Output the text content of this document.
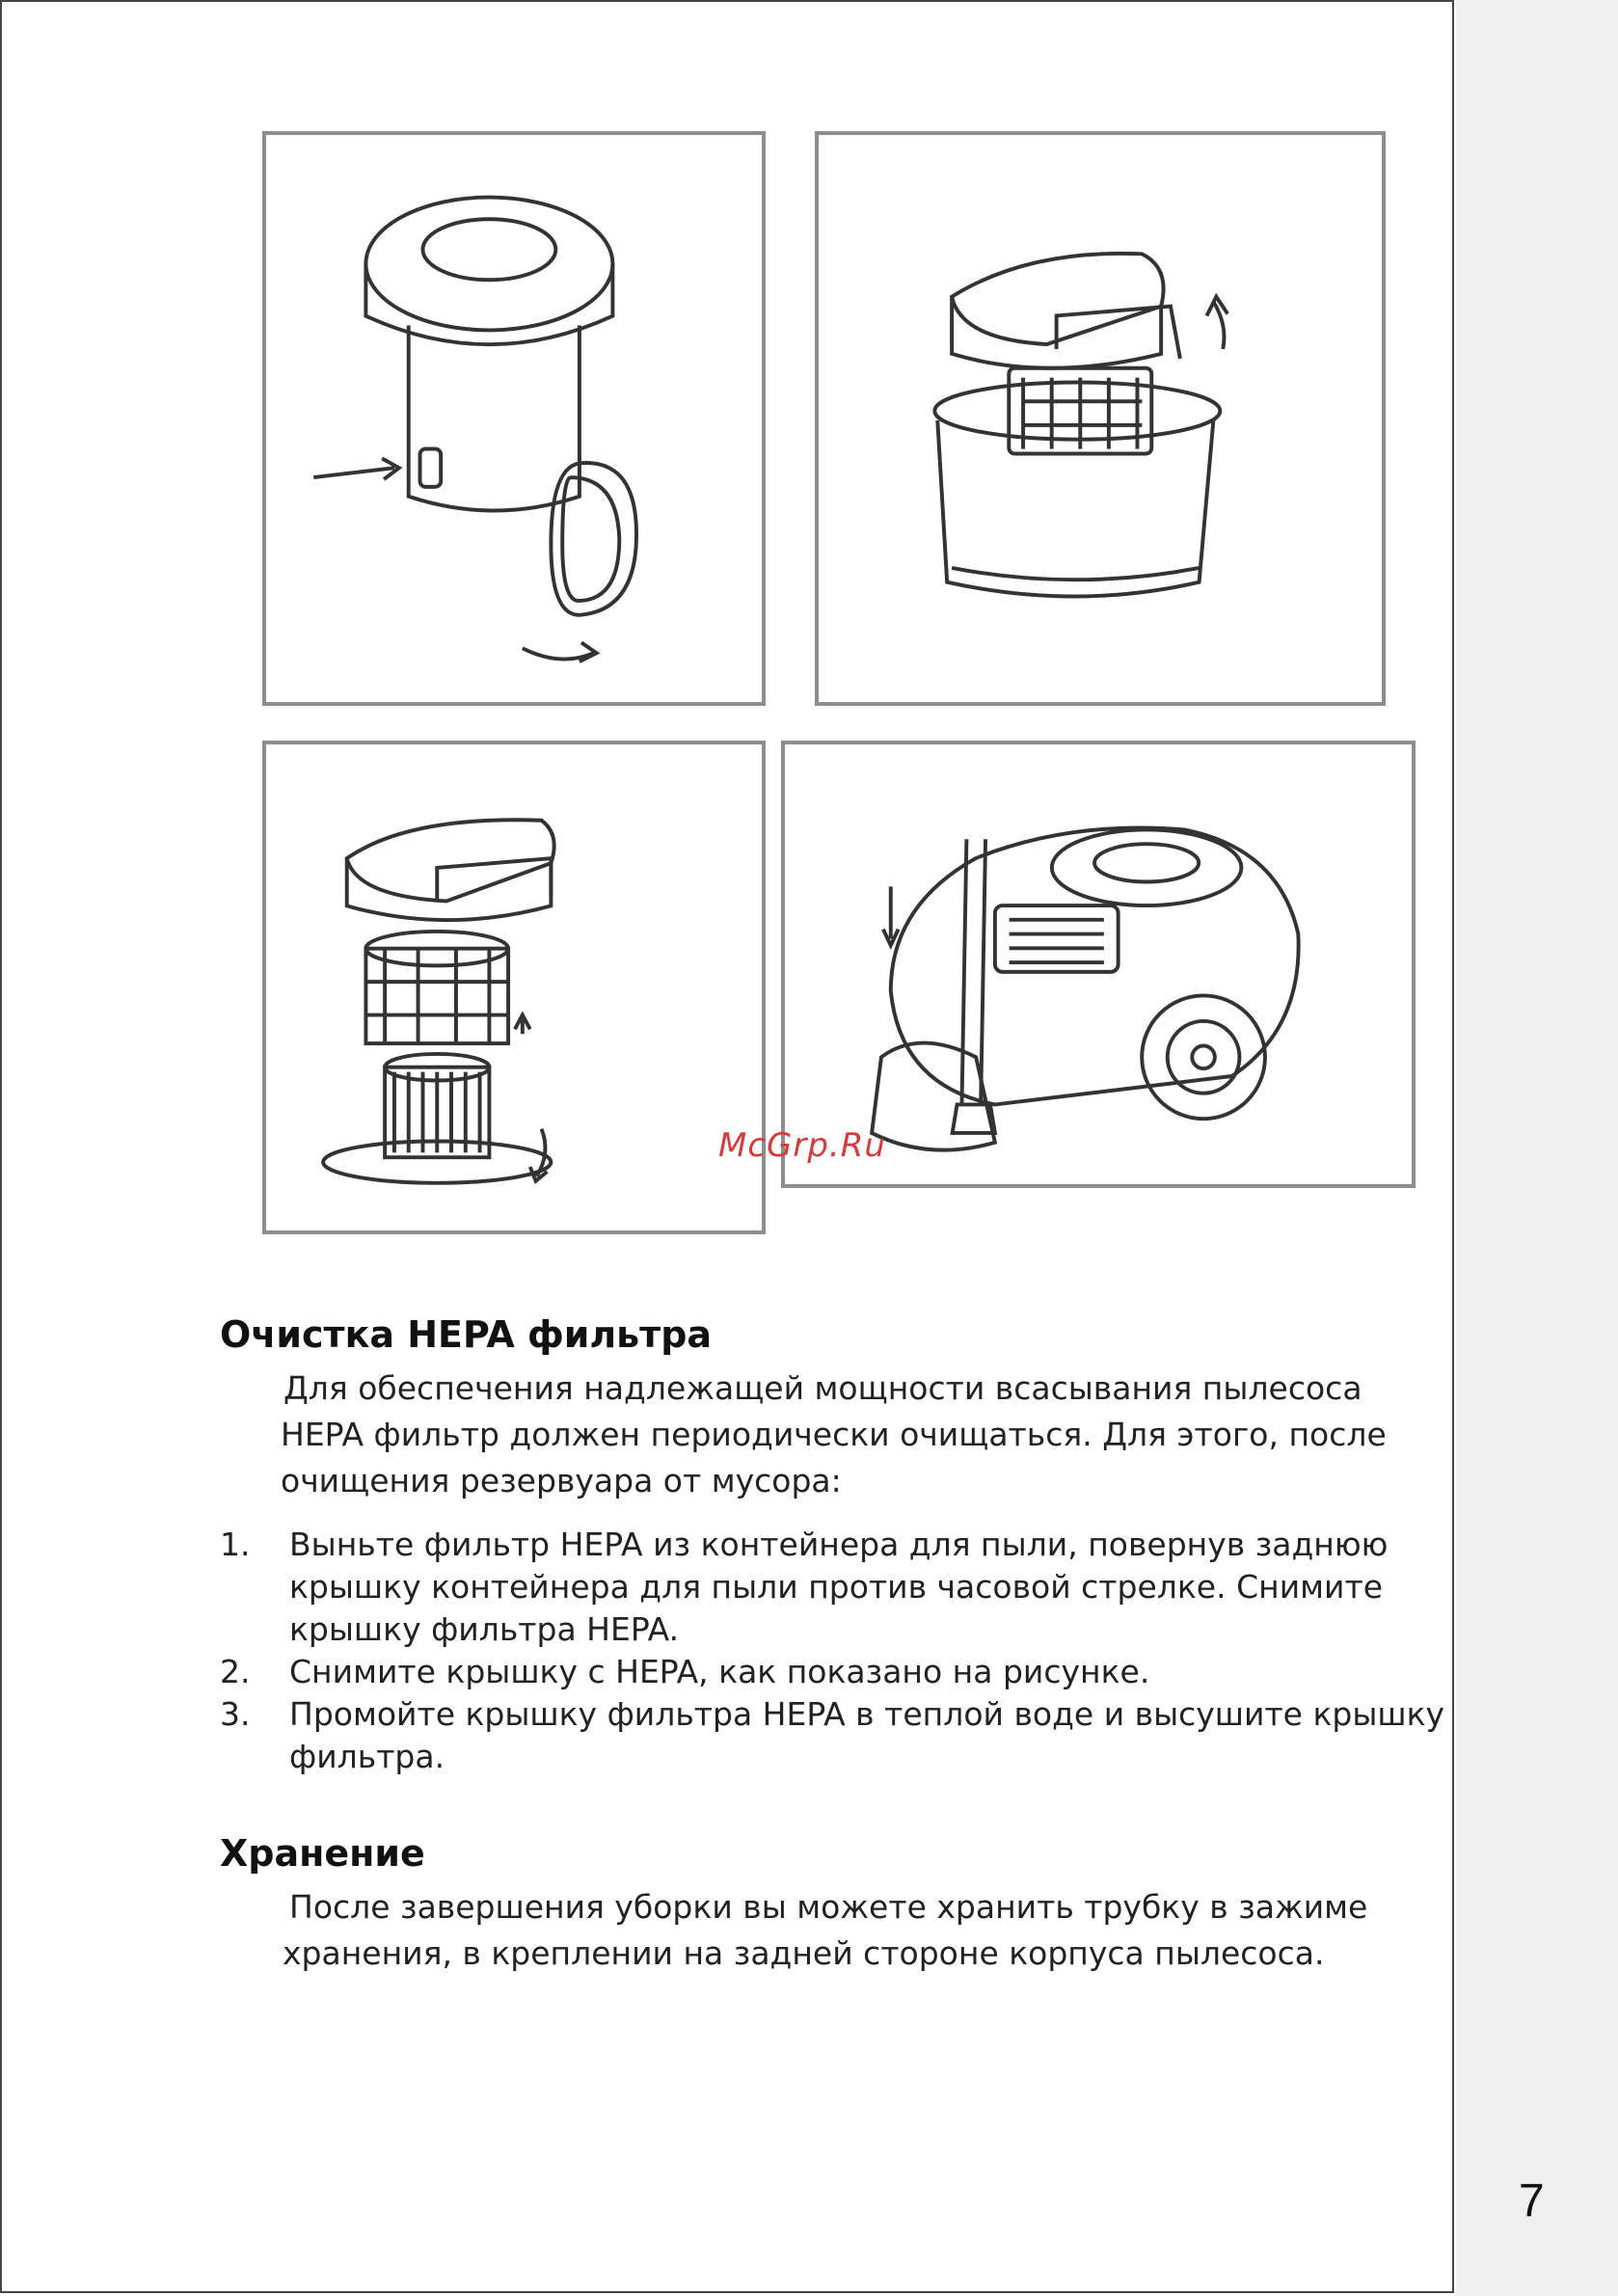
McGrp.Ru
Очистка HEPA фильтра
Для обеспечения надлежащей мощности всасывания пылесоса
HEPA фильтр должен периодически очищаться. Для этого, после
очищения резервуара от мусора:
1. Выньте фильтр HEPA из контейнера для пыли, повернув заднюю
крышку контейнера для пыли против часовой стрелке. Снимите
крышку фильтра HEPA.
2. Снимите крышку с HEPA, как показано на рисунке.
3. Промойте крышку фильтра HEPA в теплой воде и высушите крышку
фильтра.
Хранение
После завершения уборки вы можете хранить трубку в зажиме
хранения, в креплении на задней стороне корпуса пылесоса.
7
